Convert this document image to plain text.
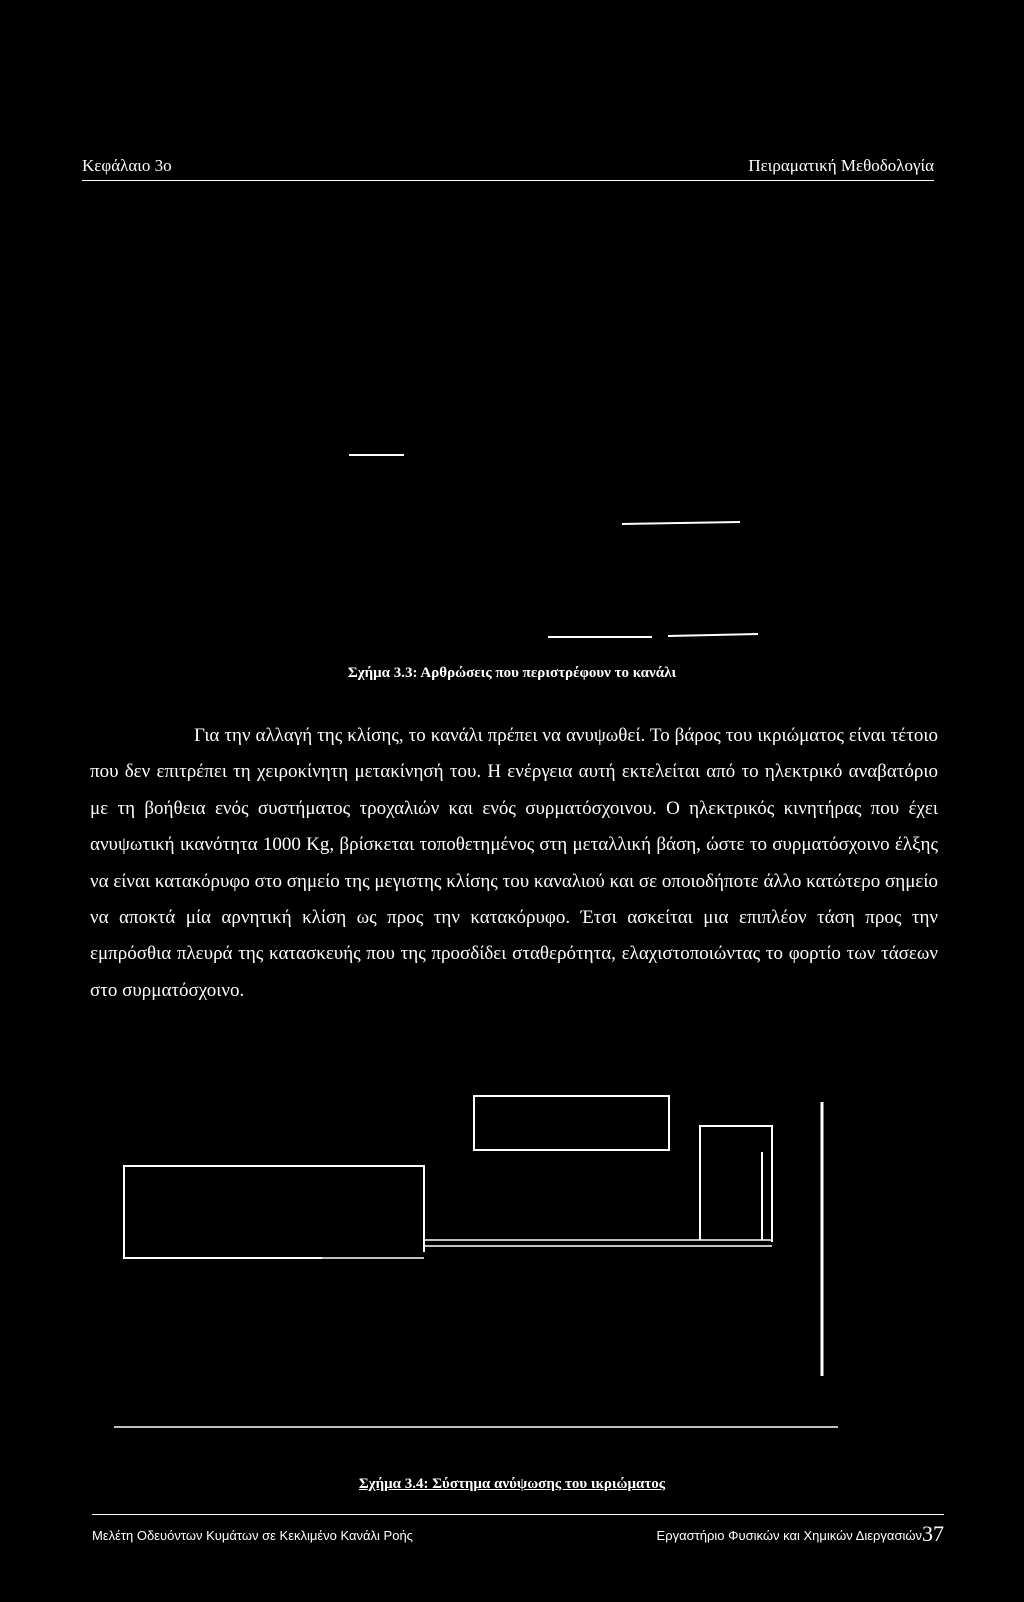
Κεφάλαιο 3ο	Πειραματική Μεθοδολογία
Σχήμα 3.3: Αρθρώσεις που περιστρέφουν το κανάλι

Για την αλλαγή της κλίσης, το κανάλι πρέπει να ανυψωθεί. Το βάρος του ικριώματος είναι τέτοιο που δεν επιτρέπει τη χειροκίνητη μετακίνησή του. Η ενέργεια αυτή εκτελείται από το ηλεκτρικό αναβατόριο με τη βοήθεια ενός συστήματος τροχαλιών και ενός συρματόσχοινου. Ο ηλεκτρικός κινητήρας που έχει ανυψωτική ικανότητα 1000 Kg, βρίσκεται τοποθετημένος στη μεταλλική βάση, ώστε το συρματόσχοινο έλξης να είναι κατακόρυφο στο σημείο της μεγιστης κλίσης του καναλιού και σε οποιοδήποτε άλλο κατώτερο σημείο να αποκτά μία αρνητική κλίση ως προς την κατακόρυφο. Έτσι ασκείται μια επιπλέον τάση προς την εμπρόσθια πλευρά της κατασκευής που της προσδίδει σταθερότητα, ελαχιστοποιώντας το φορτίο των τάσεων στο συρματόσχοινο.

Σχήμα 3.4: Σύστημα ανύψωσης του ικριώματος
Μελέτη Οδευόντων Κυμάτων σε Κεκλιμένο Κανάλι Ροής	Εργαστήριο Φυσικών και Χημικών Διεργασιών 37
